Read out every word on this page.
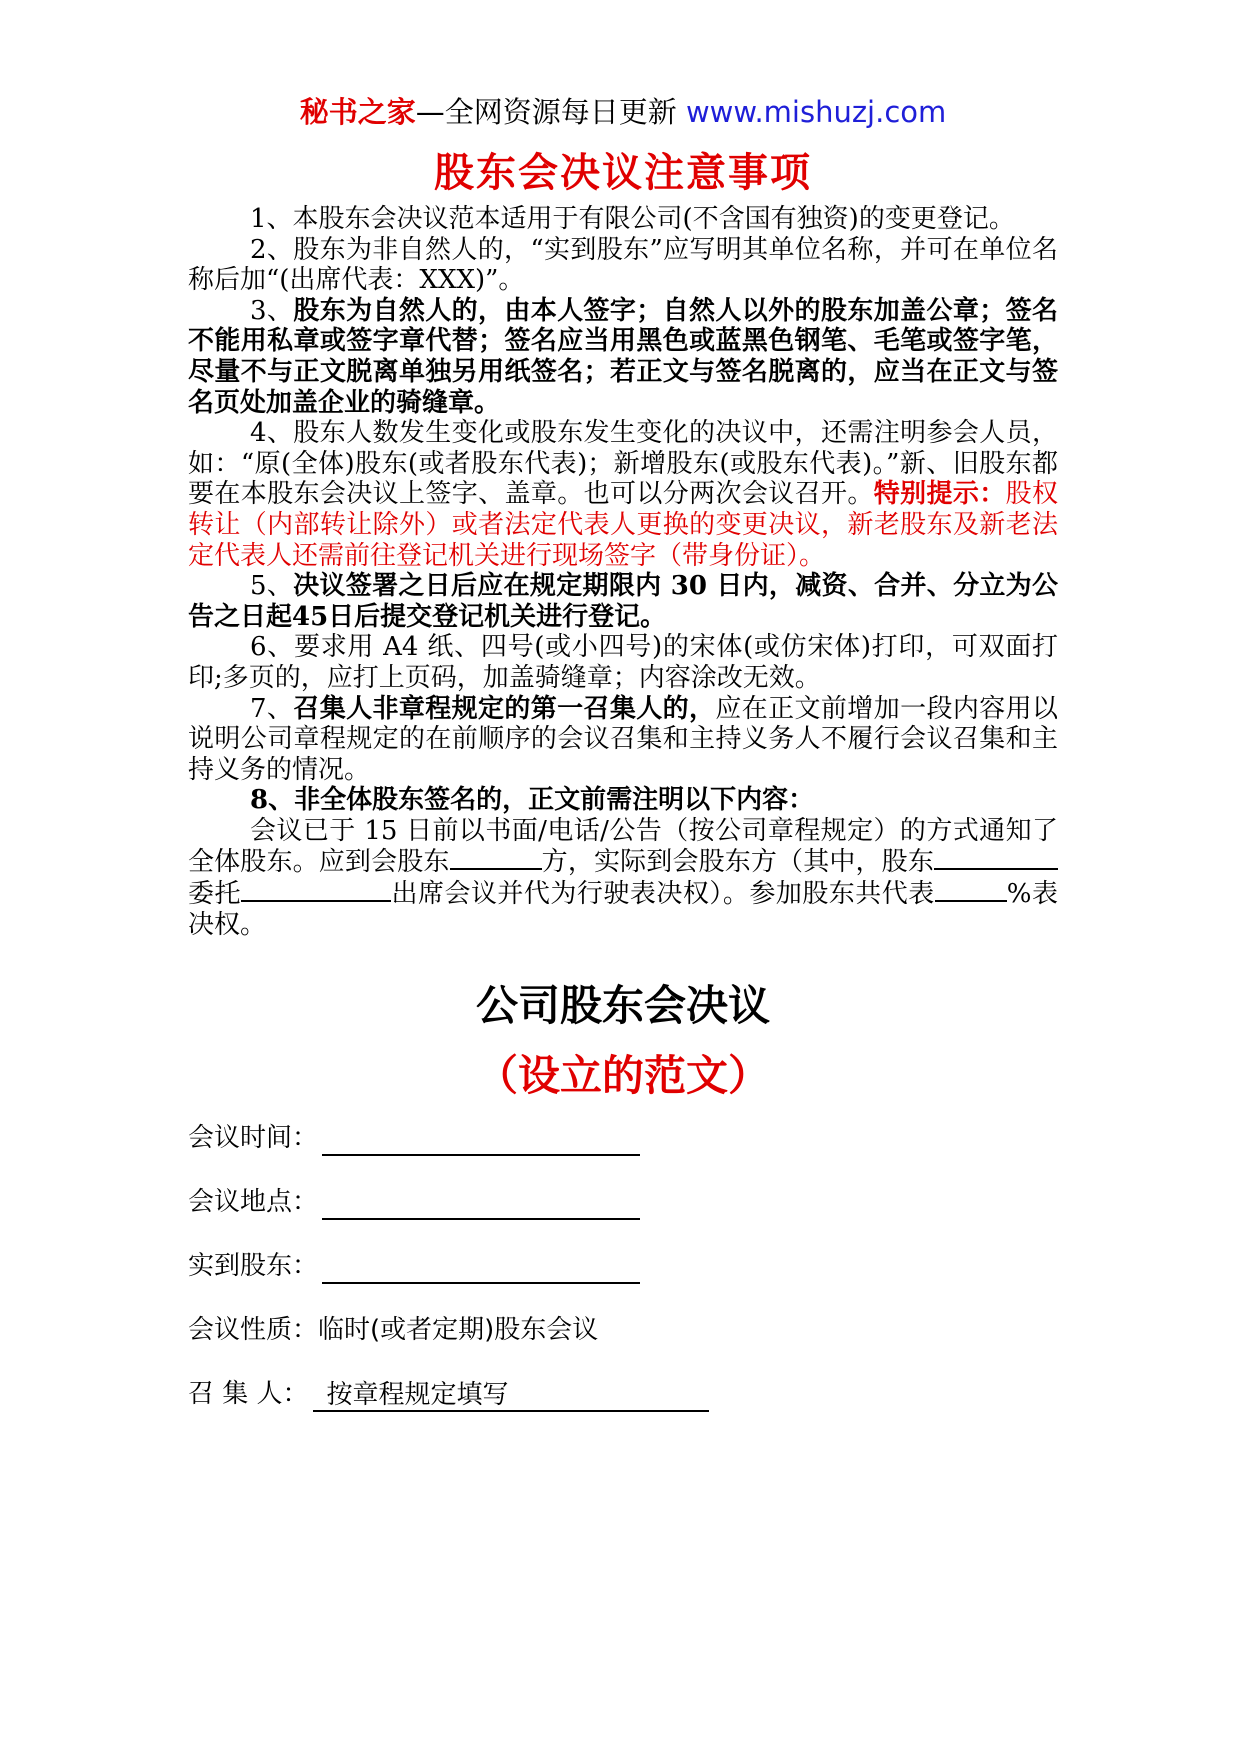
秘书之家—全网资源每日更新 www.mishuzj.com
股东会决议注意事项

1、本股东会决议范本适用于有限公司(不含国有独资)的变更登记。

2、股东为非自然人的，“实到股东”应写明其单位名称，并可在单位名称后加“(出席代表：XXX)”。

3、股东为自然人的，由本人签字；自然人以外的股东加盖公章；签名不能用私章或签字章代替；签名应当用黑色或蓝黑色钢笔、毛笔或签字笔，尽量不与正文脱离单独另用纸签名；若正文与签名脱离的，应当在正文与签名页处加盖企业的骑缝章。

4、股东人数发生变化或股东发生变化的决议中，还需注明参会人员，如：“原(全体)股东(或者股东代表)；新增股东(或股东代表)。”新、旧股东都要在本股东会决议上签字、盖章。也可以分两次会议召开。特别提示：股权转让（内部转让除外）或者法定代表人更换的变更决议，新老股东及新老法定代表人还需前往登记机关进行现场签字（带身份证）。

5、决议签署之日后应在规定期限内 30 日内，减资、合并、分立为公告之日起45日后提交登记机关进行登记。

6、要求用 A4 纸、四号(或小四号)的宋体(或仿宋体)打印，可双面打印;多页的，应打上页码，加盖骑缝章；内容涂改无效。

7、召集人非章程规定的第一召集人的，应在正文前增加一段内容用以说明公司章程规定的在前顺序的会议召集和主持义务人不履行会议召集和主持义务的情况。

8、非全体股东签名的，正文前需注明以下内容：

会议已于 15 日前以书面/电话/公告（按公司章程规定）的方式通知了全体股东。应到会股东	方，实际到会股东方（其中，股东委托	出席会议并代为行驶表决权）。参加股东共代表	%表决权。

公司股东会决议
（设立的范文）
会议时间：
会议地点：
实到股东：
会议性质： 临时(或者定期)股东会议
召 集 人： 按章程规定填写
